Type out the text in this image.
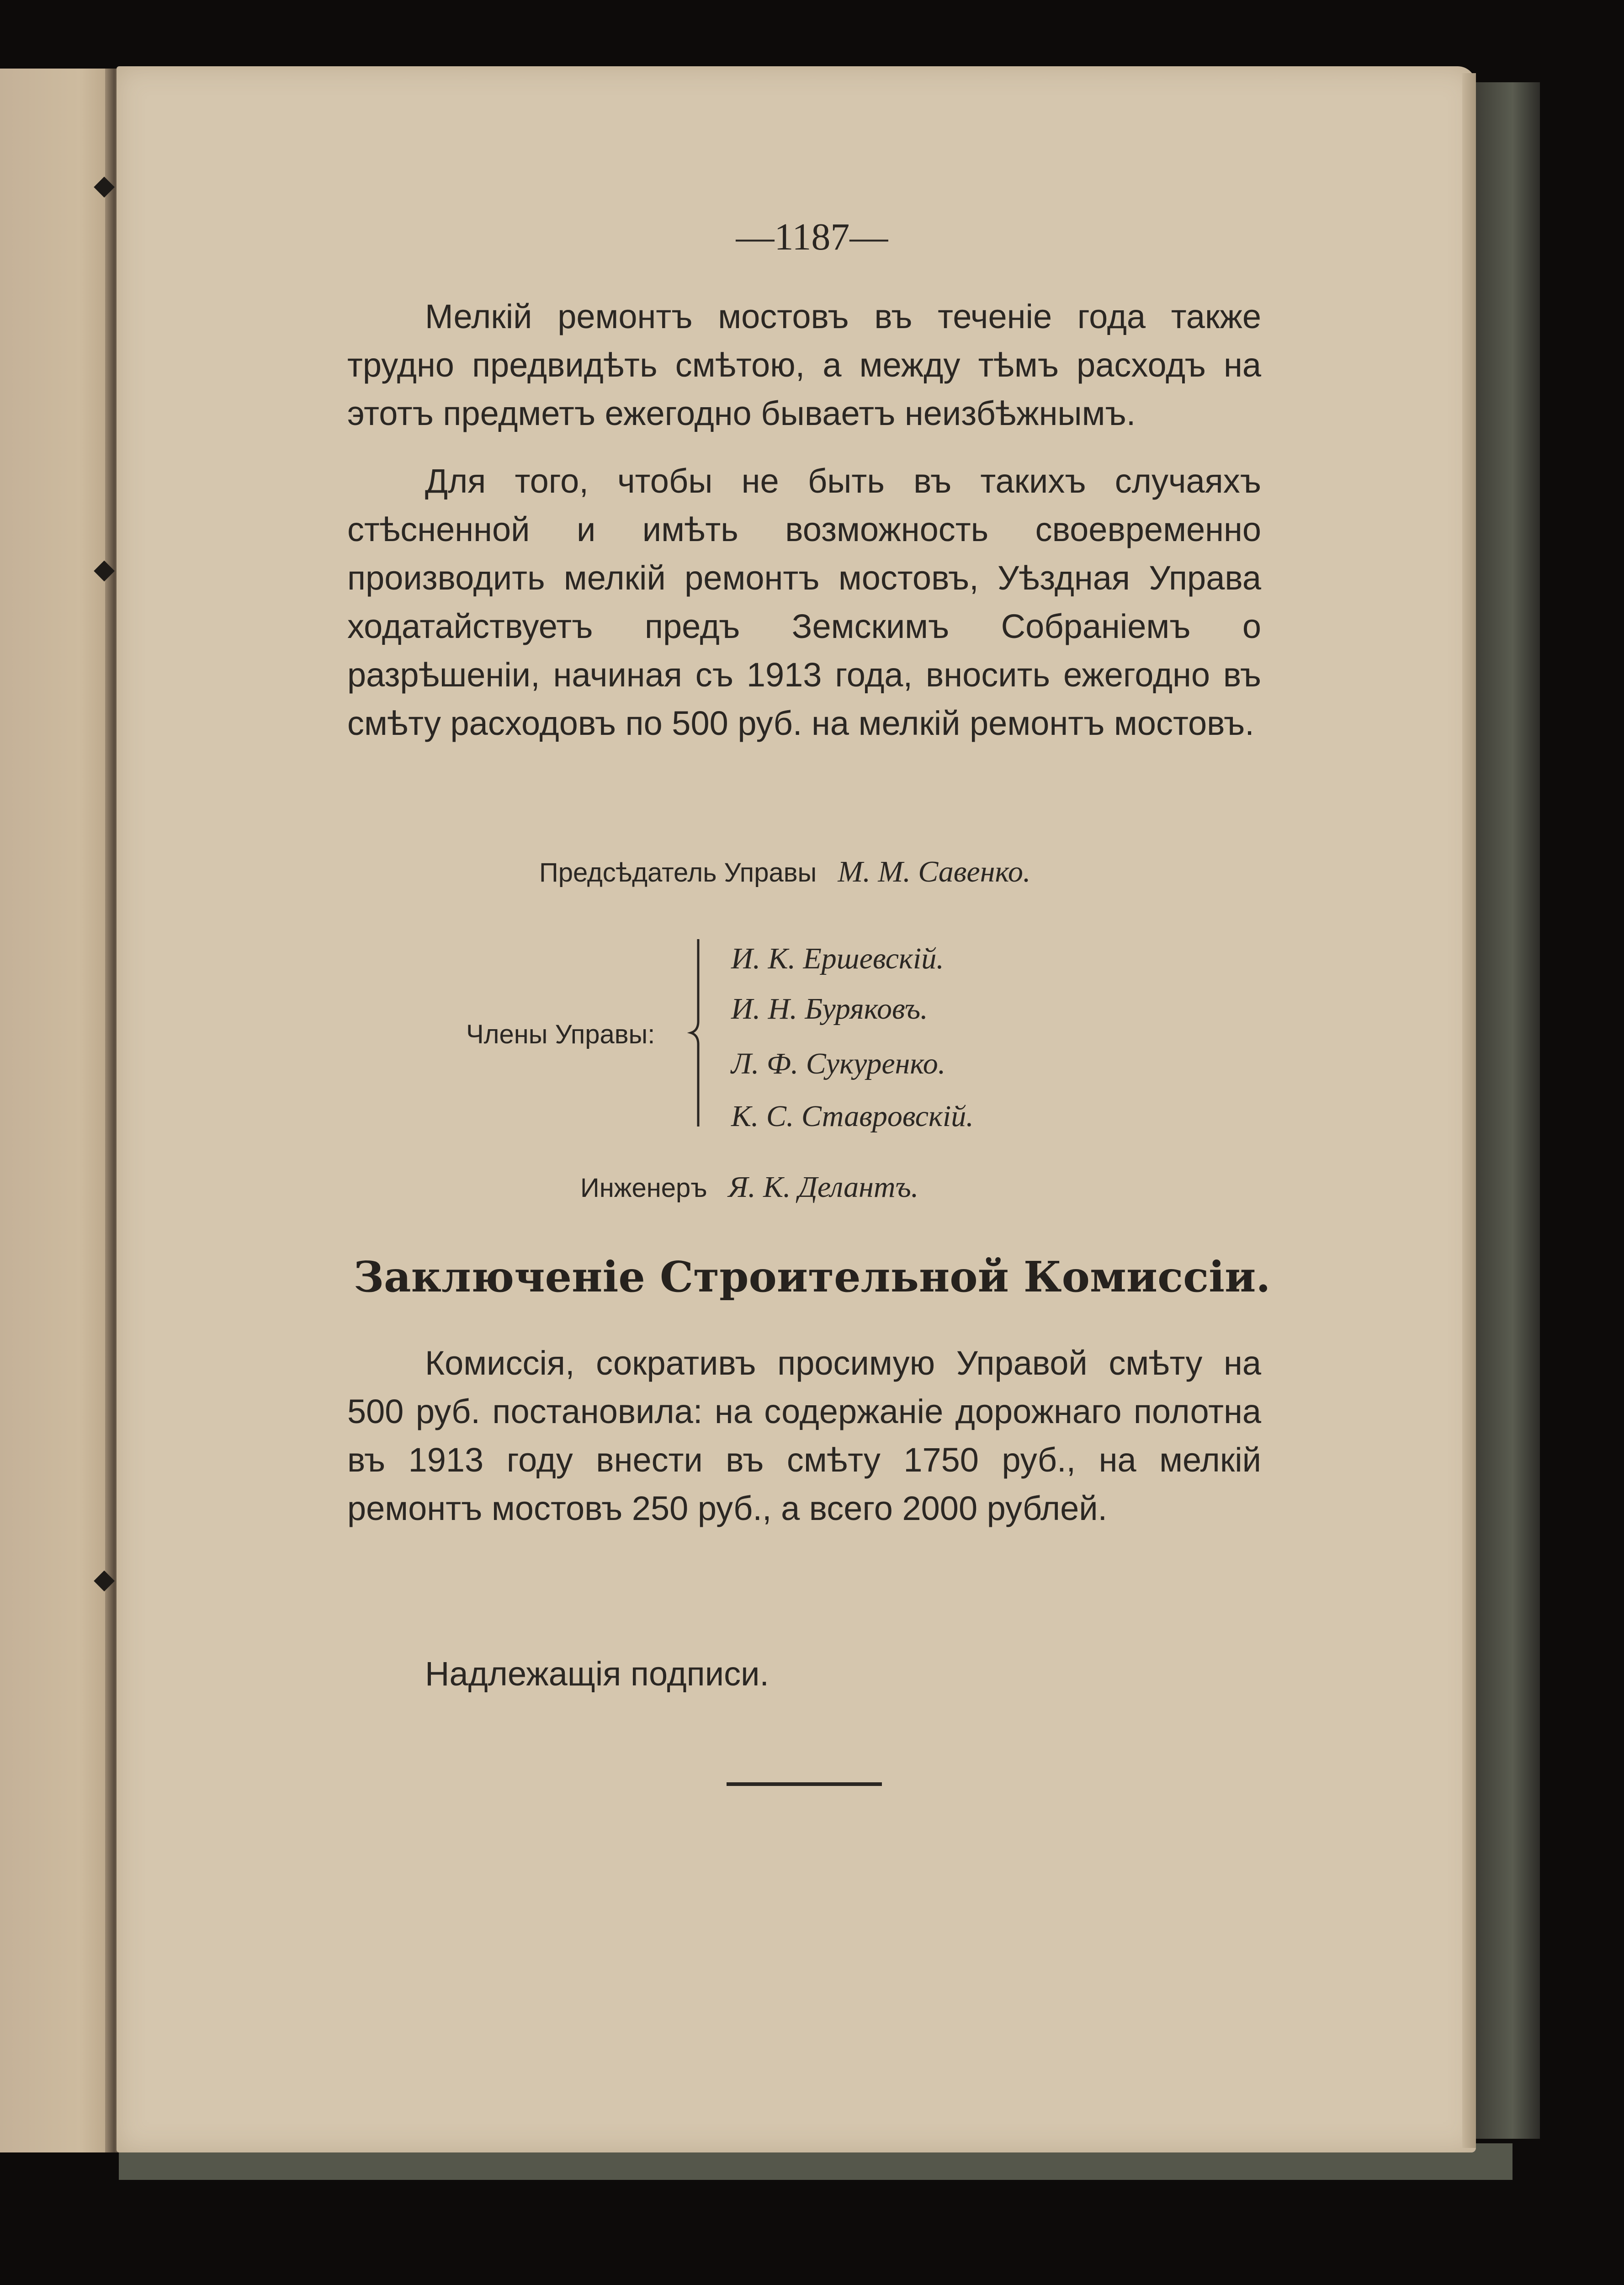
◆
◆
◆
—1187—

Мелкій ремонтъ мостовъ въ теченіе года также трудно предвидѣть смѣтою, а между тѣмъ расходъ на этотъ предметъ ежегодно бываетъ неизбѣжнымъ.

Для того, чтобы не быть въ такихъ случаяхъ стѣсненной и имѣть возможность своевременно производить мелкій ремонтъ мостовъ, Уѣздная Управа ходатайствуетъ предъ Земскимъ Собраніемъ о разрѣшеніи, начиная съ 1913 года, вносить ежегодно въ смѣту расходовъ по 500 руб. на мелкій ремонтъ мостовъ.

Предсѣдатель Управы М. М. Савенко.
Члены Управы:
И. К. Ершевскій.
И. Н. Буряковъ.
Л. Ф. Сукуренко.
К. С. Ставровскій.
Инженеръ Я. К. Делантъ.
Заключеніе Строительной Комиссіи.

Комиссія, сокративъ просимую Управой смѣту на 500 руб. постановила: на содержаніе дорожнаго полотна въ 1913 году внести въ смѣту 1750 руб., на мелкій ремонтъ мостовъ 250 руб., а всего 2000 рублей.

Надлежащія подписи.
